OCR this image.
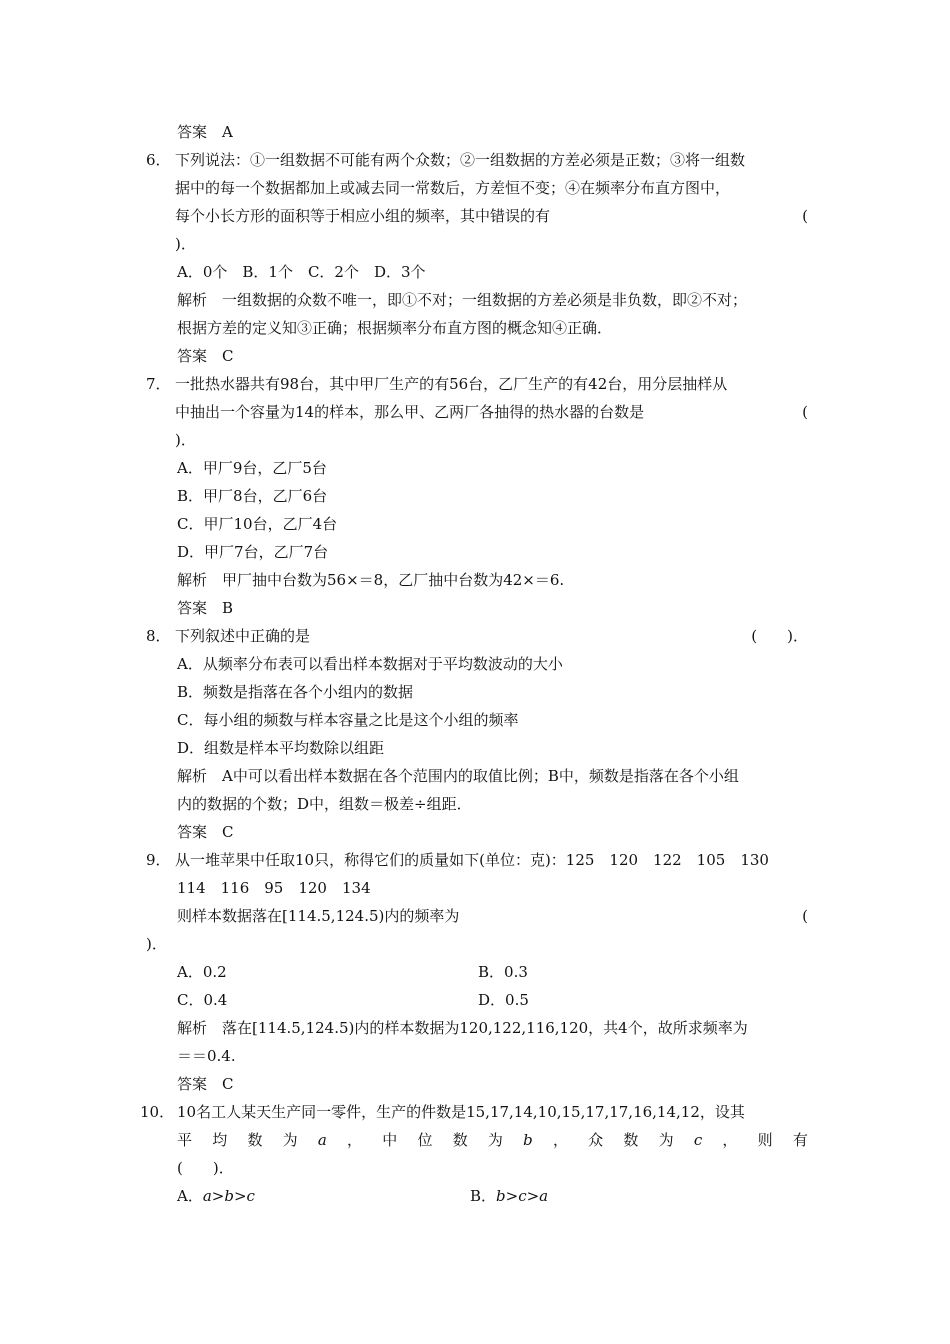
答案　A
6． 下列说法：①一组数据不可能有两个众数；②一组数据的方差必须是正数；③将一组数
据中的每一个数据都加上或减去同一常数后，方差恒不变；④在频率分布直方图中，
每个小长方形的面积等于相应小组的频率，其中错误的有	(
)．
A．0个　B．1个　C．2个　D．3个
解析　一组数据的众数不唯一，即①不对；一组数据的方差必须是非负数，即②不对；
根据方差的定义知③正确；根据频率分布直方图的概念知④正确．
答案　C
7． 一批热水器共有98台，其中甲厂生产的有56台，乙厂生产的有42台，用分层抽样从
中抽出一个容量为14的样本，那么甲、乙两厂各抽得的热水器的台数是	(
)．
A．甲厂9台，乙厂5台
B．甲厂8台，乙厂6台
C．甲厂10台，乙厂4台
D．甲厂7台，乙厂7台
解析　甲厂抽中台数为56×＝8，乙厂抽中台数为42×＝6.
答案　B
8． 下列叙述中正确的是	(　　)．
A．从频率分布表可以看出样本数据对于平均数波动的大小
B．频数是指落在各个小组内的数据
C．每小组的频数与样本容量之比是这个小组的频率
D．组数是样本平均数除以组距
解析　A中可以看出样本数据在各个范围内的取值比例；B中，频数是指落在各个小组
内的数据的个数；D中，组数＝极差÷组距．
答案　C
9． 从一堆苹果中任取10只，称得它们的质量如下(单位：克)：125　120　122　105　130
114　116　95　120　134
则样本数据落在[114.5,124.5)内的频率为	(
)．
A．0.2	B．0.3
C．0.4	D．0.5
解析　落在[114.5,124.5)内的样本数据为120,122,116,120，共4个，故所求频率为
＝＝0.4.
答案　C
10． 10名工人某天生产同一零件，生产的件数是15,17,14,10,15,17,17,16,14,12，设其
平 均 数 为 a ， 中 位 数 为 b ， 众 数 为 c ， 则 有
(　　)．
A．a>b>c	B．b>c>a
